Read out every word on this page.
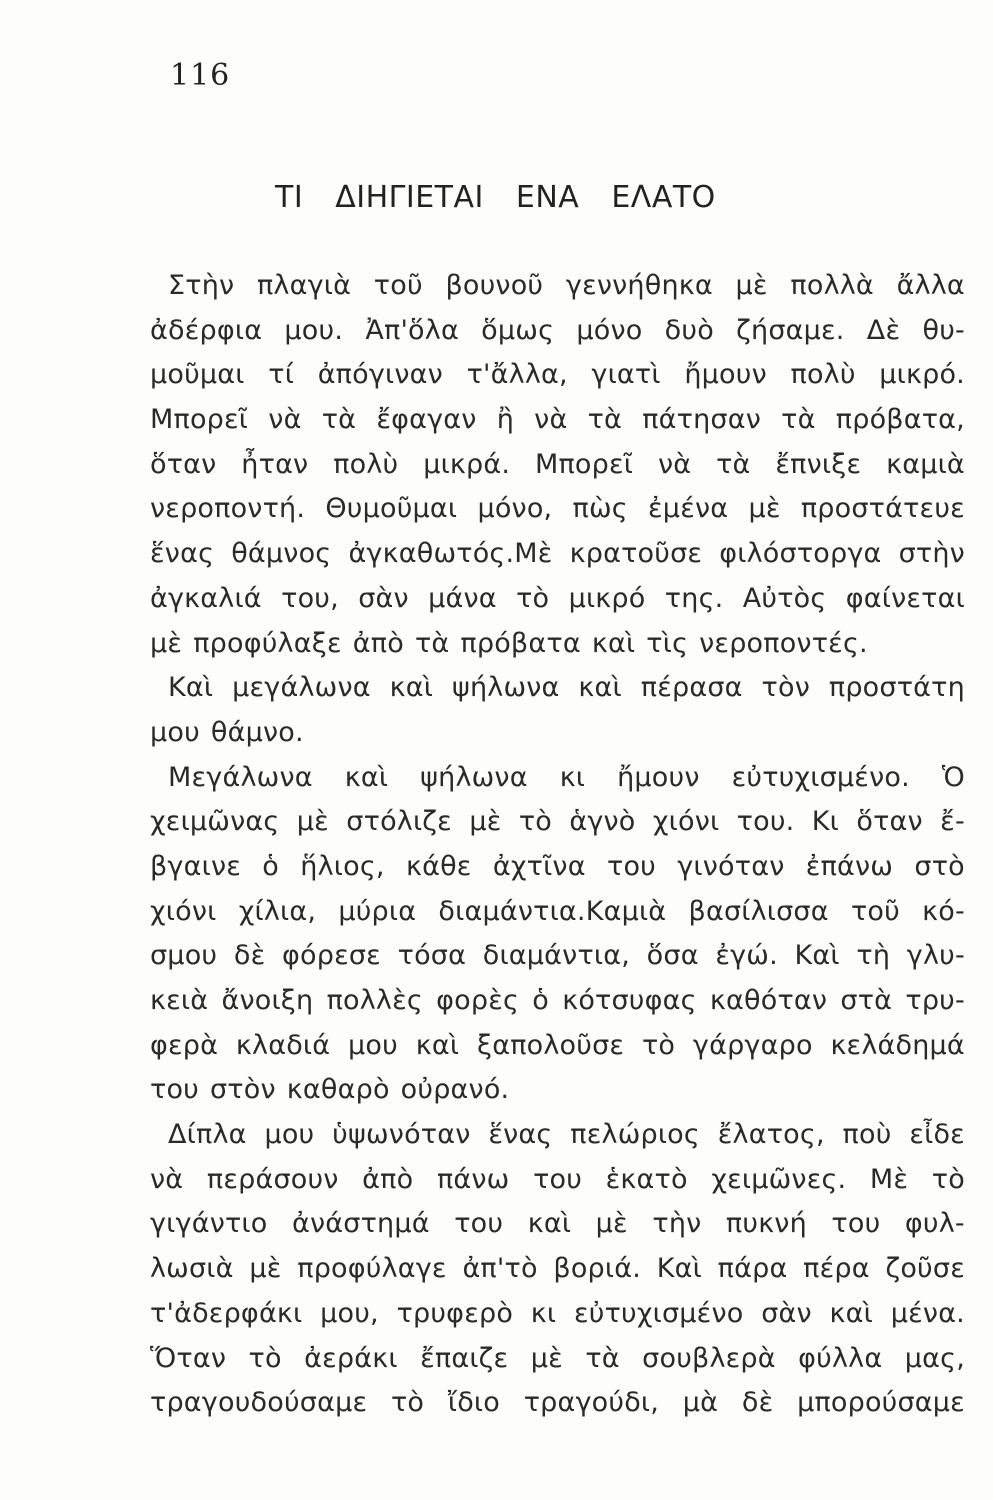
116
ΤΙ ΔΙΗΓΙΕΤΑΙ ΕΝΑ ΕΛΑΤΟ
Στὴν πλαγιὰ τοῦ βουνοῦ γεννήθηκα μὲ πολλὰ ἄλλα
ἀδέρφια μου. Ἀπ'ὅλα ὅμως μόνο δυὸ ζήσαμε. Δὲ θυ-
μοῦμαι τί ἀπόγιναν τ'ἄλλα, γιατὶ ἤμουν πολὺ μικρό.
Μπορεῖ νὰ τὰ ἔφαγαν ἢ νὰ τὰ πάτησαν τὰ πρόβατα,
ὅταν ἦταν πολὺ μικρά. Μπορεῖ νὰ τὰ ἔπνιξε καμιὰ
νεροποντή. Θυμοῦμαι μόνο, πὼς ἐμένα μὲ προστάτευε
ἕνας θάμνος ἀγκαθωτός.Μὲ κρατοῦσε φιλόστοργα στὴν
ἀγκαλιά του, σὰν μάνα τὸ μικρό της. Αὐτὸς φαίνεται
μὲ προφύλαξε ἀπὸ τὰ πρόβατα καὶ τὶς νεροποντές.
Καὶ μεγάλωνα καὶ ψήλωνα καὶ πέρασα τὸν προστάτη
μου θάμνο.
Μεγάλωνα καὶ ψήλωνα κι ἤμουν εὐτυχισμένο. Ὁ
χειμῶνας μὲ στόλιζε μὲ τὸ ἁγνὸ χιόνι του. Κι ὅταν ἔ-
βγαινε ὁ ἥλιος, κάθε ἀχτῖνα του γινόταν ἐπάνω στὸ
χιόνι χίλια, μύρια διαμάντια.Καμιὰ βασίλισσα τοῦ κό-
σμου δὲ φόρεσε τόσα διαμάντια, ὅσα ἐγώ. Καὶ τὴ γλυ-
κειὰ ἄνοιξη πολλὲς φορὲς ὁ κότσυφας καθόταν στὰ τρυ-
φερὰ κλαδιά μου καὶ ξαπολοῦσε τὸ γάργαρο κελάδημά
του στὸν καθαρὸ οὐρανό.
Δίπλα μου ὑψωνόταν ἕνας πελώριος ἔλατος, ποὺ εἶδε
νὰ περάσουν ἀπὸ πάνω του ἑκατὸ χειμῶνες. Μὲ τὸ
γιγάντιο ἀνάστημά του καὶ μὲ τὴν πυκνή του φυλ-
λωσιὰ μὲ προφύλαγε ἀπ'τὸ βοριά. Καὶ πάρα πέρα ζοῦσε
τ'ἀδερφάκι μου, τρυφερὸ κι εὐτυχισμένο σὰν καὶ μένα.
Ὅταν τὸ ἀεράκι ἔπαιζε μὲ τὰ σουβλερὰ φύλλα μας,
τραγουδούσαμε τὸ ἴδιο τραγούδι, μὰ δὲ μπορούσαμε
